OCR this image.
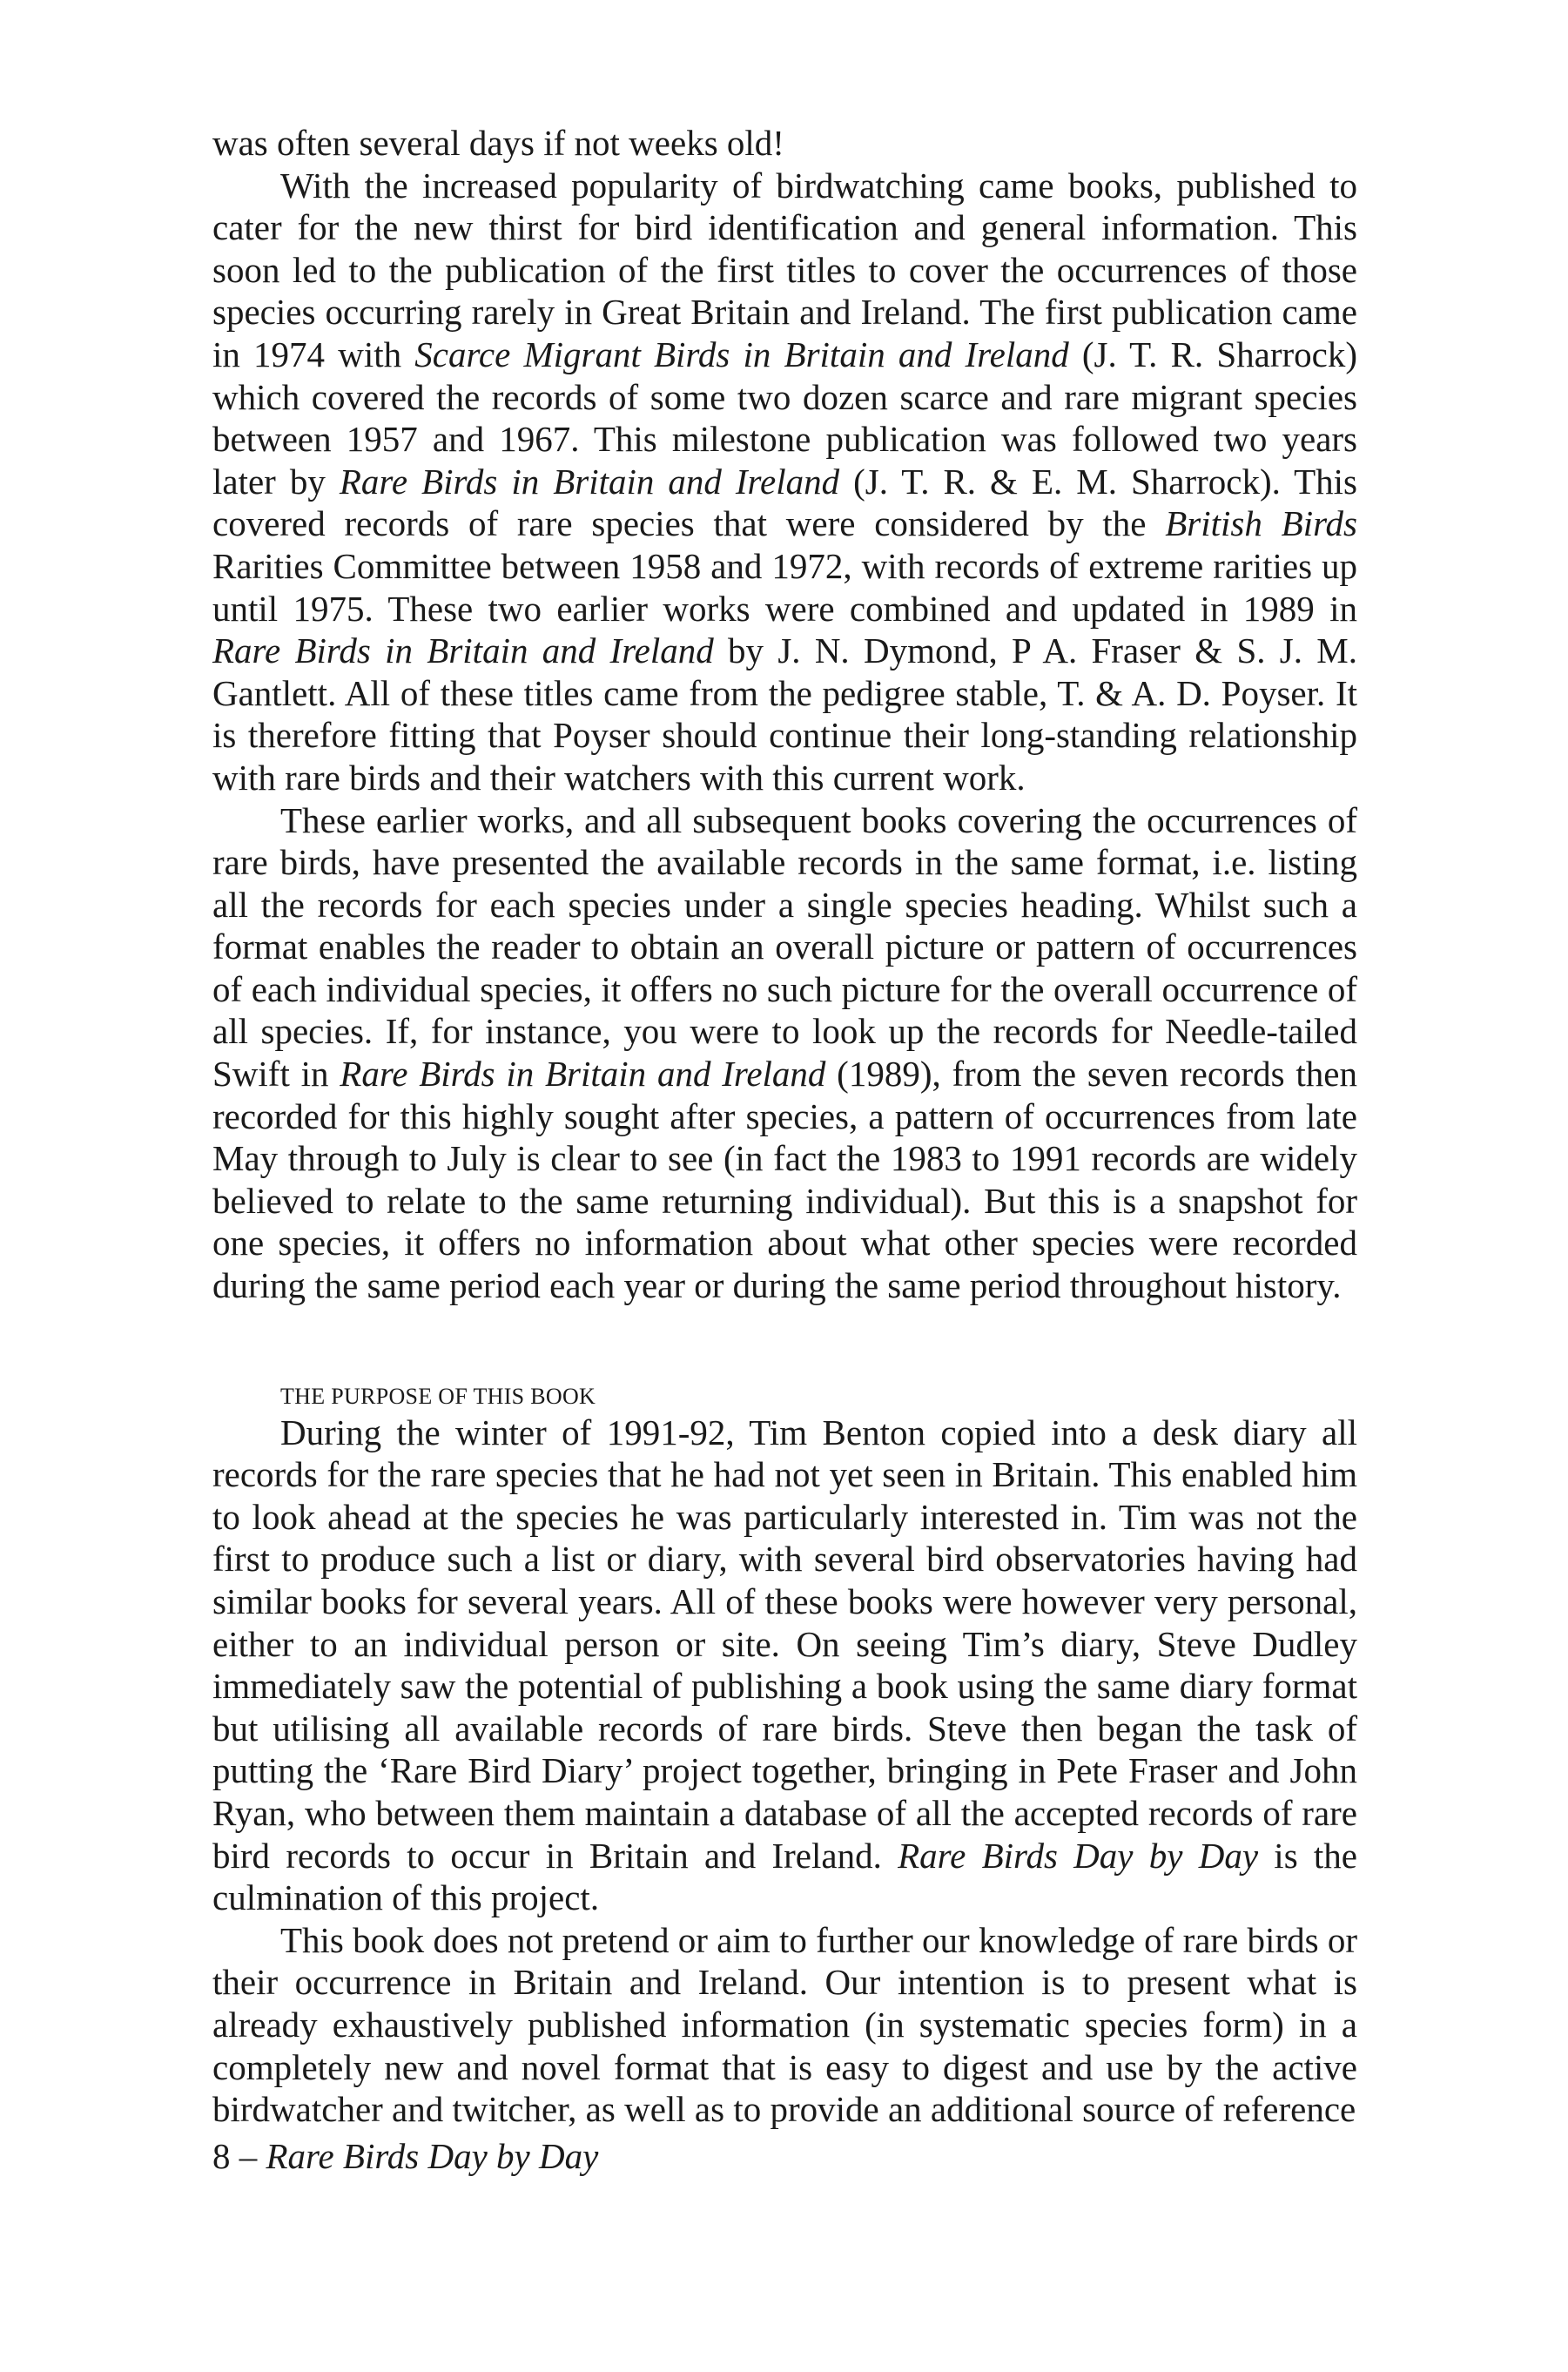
was often several days if not weeks old!

With the increased popularity of birdwatching came books, published to cater for the new thirst for bird identification and general information. This soon led to the publication of the first titles to cover the occurrences of those species occurring rarely in Great Britain and Ireland. The first publication came in 1974 with Scarce Migrant Birds in Britain and Ireland (J. T. R. Sharrock) which covered the records of some two dozen scarce and rare migrant species between 1957 and 1967. This milestone publication was followed two years later by Rare Birds in Britain and Ireland (J. T. R. & E. M. Sharrock). This covered records of rare species that were considered by the British Birds Rarities Committee between 1958 and 1972, with records of extreme rarities up until 1975. These two earlier works were combined and updated in 1989 in Rare Birds in Britain and Ireland by J. N. Dymond, P A. Fraser & S. J. M. Gantlett. All of these titles came from the pedigree stable, T. & A. D. Poyser. It is therefore fitting that Poyser should continue their long-standing relationship with rare birds and their watchers with this current work.

These earlier works, and all subsequent books covering the occurrences of rare birds, have presented the available records in the same format, i.e. listing all the records for each species under a single species heading. Whilst such a format enables the reader to obtain an overall picture or pattern of occurrences of each individual species, it offers no such picture for the overall occurrence of all species. If, for instance, you were to look up the records for Needle-tailed Swift in Rare Birds in Britain and Ireland (1989), from the seven records then recorded for this highly sought after species, a pattern of occurrences from late May through to July is clear to see (in fact the 1983 to 1991 records are widely believed to relate to the same returning individual). But this is a snapshot for one species, it offers no information about what other species were recorded during the same period each year or during the same period throughout history.

THE PURPOSE OF THIS BOOK

During the winter of 1991-92, Tim Benton copied into a desk diary all records for the rare species that he had not yet seen in Britain. This enabled him to look ahead at the species he was particularly interested in. Tim was not the first to produce such a list or diary, with several bird observatories having had similar books for several years. All of these books were however very personal, either to an individual person or site. On seeing Tim’s diary, Steve Dudley immediately saw the potential of publishing a book using the same diary format but utilising all available records of rare birds. Steve then began the task of putting the ‘Rare Bird Diary’ project together, bringing in Pete Fraser and John Ryan, who between them maintain a database of all the accepted records of rare bird records to occur in Britain and Ireland. Rare Birds Day by Day is the culmination of this project.

This book does not pretend or aim to further our knowledge of rare birds or their occurrence in Britain and Ireland. Our intention is to present what is already exhaustively published information (in systematic species form) in a completely new and novel format that is easy to digest and use by the active birdwatcher and twitcher, as well as to provide an additional source of reference

8 – Rare Birds Day by Day
